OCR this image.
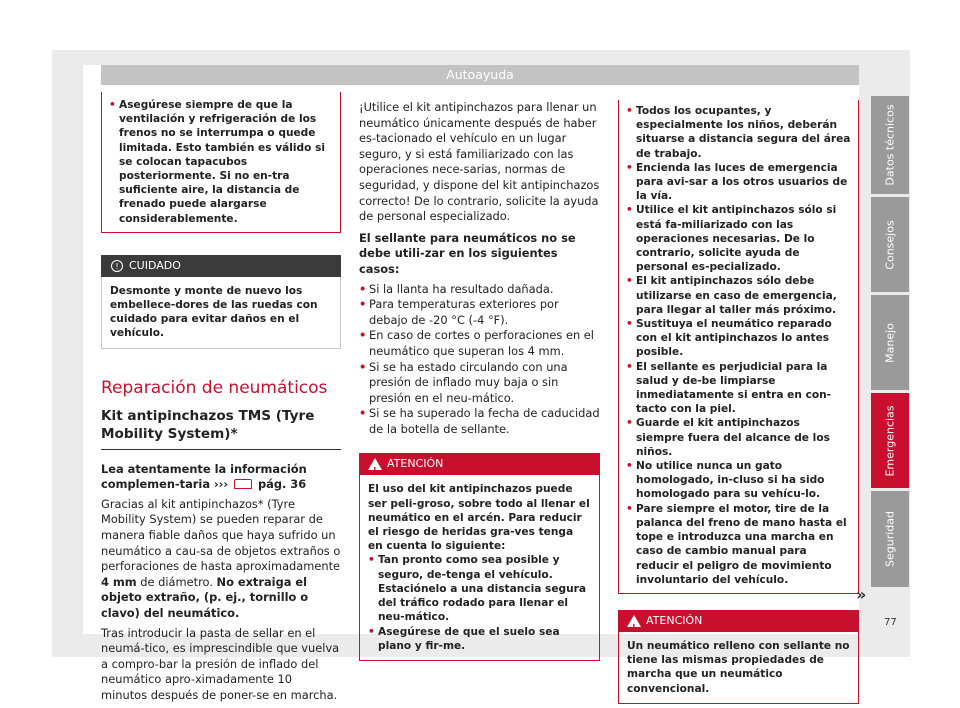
Autoayuda
• Asegúrese siempre de que la ventilación y refrigeración de los frenos no se interrumpa o quede limitada. Esto también es válido si se colocan tapacubos posteriormente. Si no en-tra suficiente aire, la distancia de frenado puede alargarse considerablemente.
! CUIDADO
Desmonte y monte de nuevo los embellece-dores de las ruedas con cuidado para evitar daños en el vehículo.
Reparación de neumáticos
Kit antipinchazos TMS (Tyre Mobility System)*
Lea atentamente la información complemen-taria ›››	pág. 36
Gracias al kit antipinchazos* (Tyre Mobility System) se pueden reparar de manera fiable daños que haya sufrido un neumático a cau-sa de objetos extraños o perforaciones de hasta aproximadamente 4 mm de diámetro. No extraiga el objeto extraño, (p. ej., tornillo o clavo) del neumático.
Tras introducir la pasta de sellar en el neumá-tico, es imprescindible que vuelva a compro-bar la presión de inflado del neumático apro-ximadamente 10 minutos después de poner-se en marcha.
¡Utilice el kit antipinchazos para llenar un neumático únicamente después de haber es-tacionado el vehículo en un lugar seguro, y si está familiarizado con las operaciones nece-sarias, normas de seguridad, y dispone del kit antipinchazos correcto! De lo contrario, solicite la ayuda de personal especializado.
El sellante para neumáticos no se debe utili-zar en los siguientes casos:
• Si la llanta ha resultado dañada.
• Para temperaturas exteriores por debajo de -20 °C (-4 °F).
• En caso de cortes o perforaciones en el neumático que superan los 4 mm.
• Si se ha estado circulando con una presión de inflado muy baja o sin presión en el neu-mático.
• Si se ha superado la fecha de caducidad de la botella de sellante.
!
ATENCIÓN
El uso del kit antipinchazos puede ser peli-groso, sobre todo al llenar el neumático en el arcén. Para reducir el riesgo de heridas gra-ves tenga en cuenta lo siguiente:
• Tan pronto como sea posible y seguro, de-tenga el vehículo. Estaciónelo a una distancia segura del tráfico rodado para llenar el neu-mático.
• Asegúrese de que el suelo sea plano y fir-me.
• Todos los ocupantes, y especialmente los niños, deberán situarse a distancia segura del área de trabajo.
• Encienda las luces de emergencia para avi-sar a los otros usuarios de la vía.
• Utilice el kit antipinchazos sólo si está fa-miliarizado con las operaciones necesarias. De lo contrario, solicite ayuda de personal es-pecializado.
• El kit antipinchazos sólo debe utilizarse en caso de emergencia, para llegar al taller más próximo.
• Sustituya el neumático reparado con el kit antipinchazos lo antes posible.
• El sellante es perjudicial para la salud y de-be limpiarse inmediatamente si entra en con-tacto con la piel.
• Guarde el kit antipinchazos siempre fuera del alcance de los niños.
• No utilice nunca un gato homologado, in-cluso si ha sido homologado para su vehícu-lo.
• Pare siempre el motor, tire de la palanca del freno de mano hasta el tope e introduzca una marcha en caso de cambio manual para reducir el peligro de movimiento involuntario del vehículo.
!
ATENCIÓN
Un neumático relleno con sellante no tiene las mismas propiedades de marcha que un neumático convencional.
»
Datos técnicos
Consejos
Manejo
Emergencias
Seguridad
77
